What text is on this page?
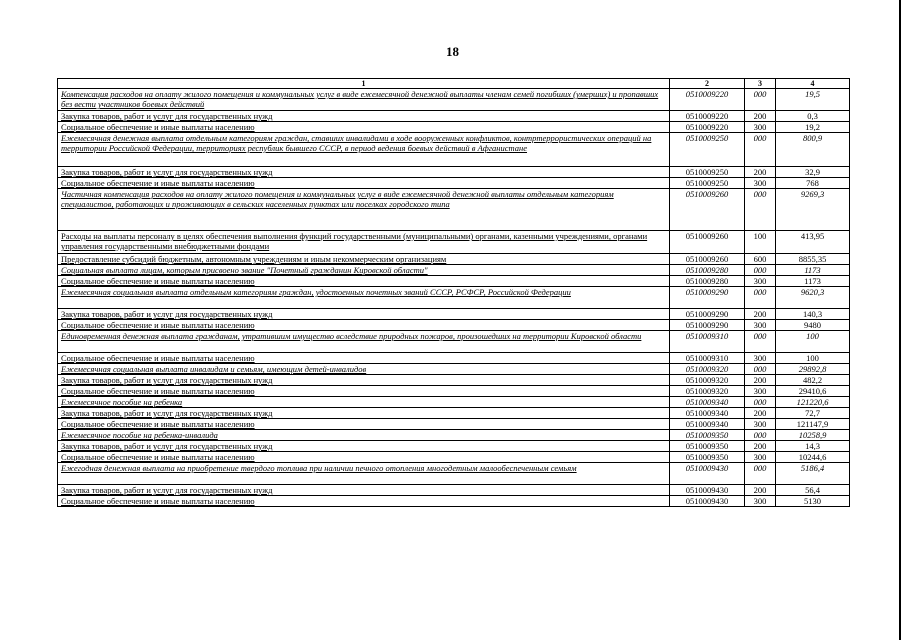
18
1	2	3	4
Компенсация расходов на оплату жилого помещения и коммунальных услуг в виде ежемесячной денежной выплаты членам семей погибших (умерших) и пропавших без вести участников боевых действий	0510009220	000	19,5
Закупка товаров, работ и услуг для государственных нужд	0510009220	200	0,3
Социальное обеспечение и иные выплаты населению	0510009220	300	19,2
Ежемесячная денежная выплата отдельным категориям граждан, ставших инвалидами в ходе вооруженных конфликтов, контртеррористических операций на территории Российской Федерации, территориях республик бывшего СССР, в период ведения боевых действий в Афганистане	0510009250	000	800,9
Закупка товаров, работ и услуг для государственных нужд	0510009250	200	32,9
Социальное обеспечение и иные выплаты населению	0510009250	300	768
Частичная компенсация расходов на оплату жилого помещения и коммунальных услуг в виде ежемесячной денежной выплаты отдельным категориям специалистов, работающих и проживающих в сельских населенных пунктах или поселках городского типа	0510009260	000	9269,3
Расходы на выплаты персоналу в целях обеспечения выполнения функций государственными (муниципальными) органами, казенными учреждениями, органами управления государственными внебюджетными фондами	0510009260	100	413,95
Предоставление субсидий бюджетным, автономным учреждениям и иным некоммерческим организациям	0510009260	600	8855,35
Социальная выплата лицам, которым присвоено звание "Почетный гражданин Кировской области"	0510009280	000	1173
Социальное обеспечение и иные выплаты населению	0510009280	300	1173
Ежемесячная социальная выплата отдельным категориям граждан, удостоенных почетных званий СССР, РСФСР, Российской Федерации	0510009290	000	9620,3
Закупка товаров, работ и услуг для государственных нужд	0510009290	200	140,3
Социальное обеспечение и иные выплаты населению	0510009290	300	9480
Единовременная денежная выплата гражданам, утратившим имущество вследствие природных пожаров, произошедших на территории Кировской области	0510009310	000	100
Социальное обеспечение и иные выплаты населению	0510009310	300	100
Ежемесячная социальная выплата инвалидам и семьям, имеющим детей-инвалидов	0510009320	000	29892,8
Закупка товаров, работ и услуг для государственных нужд	0510009320	200	482,2
Социальное обеспечение и иные выплаты населению	0510009320	300	29410,6
Ежемесячное пособие на ребенка	0510009340	000	121220,6
Закупка товаров, работ и услуг для государственных нужд	0510009340	200	72,7
Социальное обеспечение и иные выплаты населению	0510009340	300	121147,9
Ежемесячное пособие на ребенка-инвалида	0510009350	000	10258,9
Закупка товаров, работ и услуг для государственных нужд	0510009350	200	14,3
Социальное обеспечение и иные выплаты населению	0510009350	300	10244,6
Ежегодная денежная выплата на приобретение твердого топлива при наличии печного отопления многодетным малообеспеченным семьям	0510009430	000	5186,4
Закупка товаров, работ и услуг для государственных нужд	0510009430	200	56,4
Социальное обеспечение и иные выплаты населению	0510009430	300	5130
